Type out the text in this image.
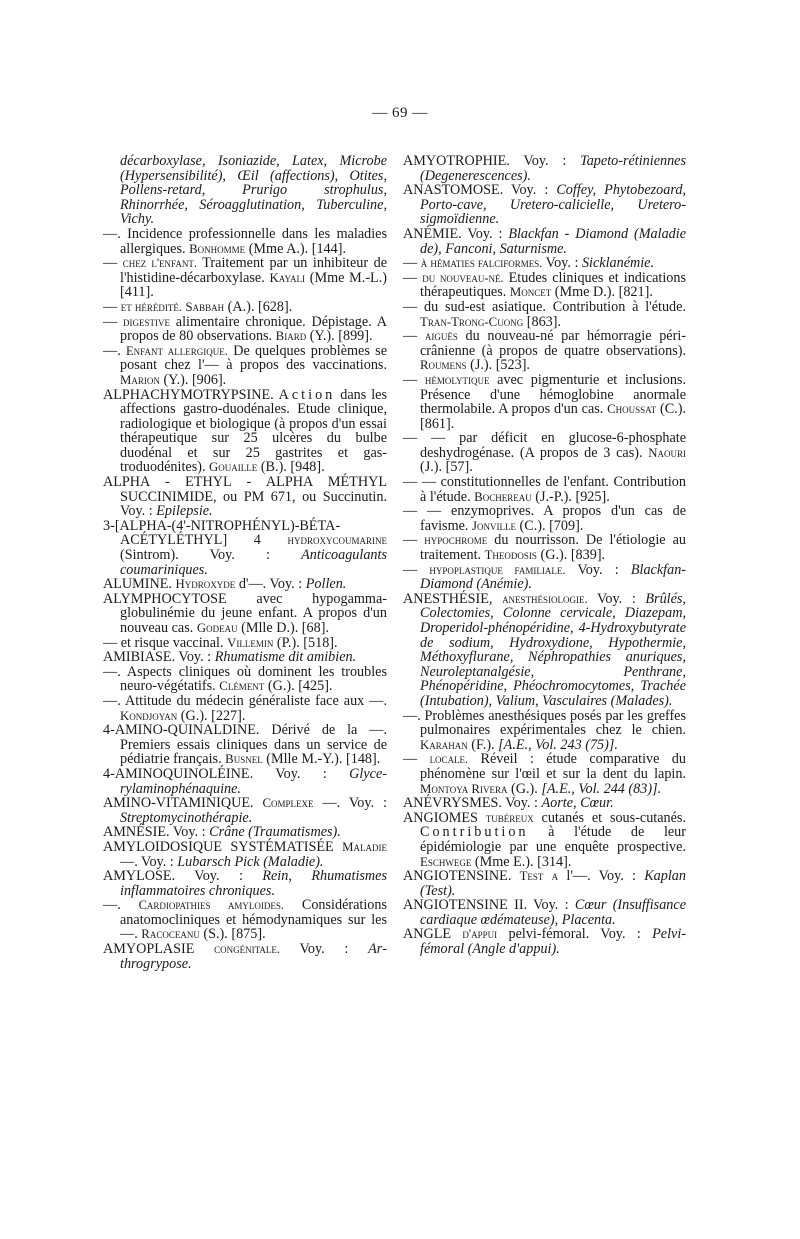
— 69 —

décarboxylase, Isoniazide, Latex, Microbe (Hypersensibilité), Œil (affections), Otites, Pollens-retard, Prurigo strophulus, Rhinorrhée, Séroagglutination, Tuberculine, Vichy.

—. Incidence professionnelle dans les maladies allergiques. Bonhomme (Mme A.). [144].

— chez l'enfant. Traitement par un inhibiteur de l'histidine-décarboxylase. Kayali (Mme M.-L.) [411].

— et hérédité. Sabbah (A.). [628].

— digestive alimentaire chronique. Dépistage. A propos de 80 observations. Biard (Y.). [899].

—. Enfant allergique. De quelques problèmes se posant chez l'— à propos des vaccinations. Marion (Y.). [906].

ALPHACHYMOTRYPSINE. Action dans les affections gastro-duodénales. Etude clinique, radiologique et biologique (à propos d'un essai thérapeutique sur 25 ulcères du bulbe duodénal et sur 25 gastrites et gastroduodénites). Gouaille (B.). [948].

ALPHA - ETHYL - ALPHA MÉTHYL SUCCINIMIDE, ou PM 671, ou Succinutin. Voy. : Epilepsie.

3-[ALPHA-(4'-NITROPHÉNYL)-BÉTA-ACÉTYLÉTHYL] 4 hydroxycoumarine (Sintrom). Voy. : Anticoagulants coumariniques.

ALUMINE. Hydroxyde d'—. Voy. : Pollen.

ALYMPHOCYTOSE avec hypogammaglobulinémie du jeune enfant. A propos d'un nouveau cas. Godeau (Mlle D.). [68].

— et risque vaccinal. Villemin (P.). [518].

AMIBIASE. Voy. : Rhumatisme dit amibien.

—. Aspects cliniques où dominent les troubles neuro-végétatifs. Clément (G.). [425].

—. Attitude du médecin généraliste face aux —. Kondjoyan (G.). [227].

4-AMINO-QUINALDINE. Dérivé de la —. Premiers essais cliniques dans un service de pédiatrie français. Busnel (Mlle M.-Y.). [148].

4-AMINOQUINOLÉINE. Voy. : Glycerylaminophénaquine.

AMINO-VITAMINIQUE. Complexe —. Voy. : Streptomycinothérapie.

AMNÉSIE. Voy. : Crâne (Traumatismes).

AMYLOIDOSIQUE SYSTÉMATISÉE Maladie —. Voy. : Lubarsch Pick (Maladie).

AMYLOSE. Voy. : Rein, Rhumatismes inflammatoires chroniques.

—. Cardiopathies amyloides. Considérations anatomocliniques et hémodynamiques sur les —. Racoceanu (S.). [875].

AMYOPLASIE congénitale. Voy. : Arthrogrypose.

AMYOTROPHIE. Voy. : Tapeto-rétiniennes (Degenerescences).

ANASTOMOSE. Voy. : Coffey, Phytobezoard, Porto-cave, Uretero-calicielle, Uretero-sigmoïdienne.

ANÉMIE. Voy. : Blackfan - Diamond (Maladie de), Fanconi, Saturnisme.

— à hématies falciformes. Voy. : Sicklanémie.

— du nouveau-né. Etudes cliniques et indications thérapeutiques. Moncet (Mme D.). [821].

— du sud-est asiatique. Contribution à l'étude. Tran-Trong-Cuong [863].

— aiguës du nouveau-né par hémorragie péri-crânienne (à propos de quatre observations). Roumens (J.). [523].

— hémolytique avec pigmenturie et inclusions. Présence d'une hémoglobine anormale thermolabile. A propos d'un cas. Choussat (C.). [861].

— — par déficit en glucose-6-phosphate deshydrogénase. (A propos de 3 cas). Naouri (J.). [57].

— — constitutionnelles de l'enfant. Contribution à l'étude. Bochereau (J.-P.). [925].

— — enzymoprives. A propos d'un cas de favisme. Jonville (C.). [709].

— hypochrome du nourrisson. De l'étiologie au traitement. Theodosis (G.). [839].

— hypoplastique familiale. Voy. : Blackfan-Diamond (Anémie).

ANESTHÉSIE, anesthésiologie. Voy. : Brûlés, Colectomies, Colonne cervicale, Diazepam, Droperidol-phénopéridine, 4-Hydroxybutyrate de sodium, Hydroxydione, Hypothermie, Méthoxyflurane, Néphropathies anuriques, Neuroleptanalgésie, Penthrane, Phénopéridine, Phéochromocytomes, Trachée (Intubation), Valium, Vasculaires (Malades).

—. Problèmes anesthésiques posés par les greffes pulmonaires expérimentales chez le chien. Karahan (F.). [A.E., Vol. 243 (75)].

— locale. Réveil : étude comparative du phénomène sur l'œil et sur la dent du lapin. Montoya Rivera (G.). [A.E., Vol. 244 (83)].

ANÉVRYSMES. Voy. : Aorte, Cœur.

ANGIOMES tubéreux cutanés et sous-cutanés. Contribution à l'étude de leur épidémiologie par une enquête prospective. Eschwege (Mme E.). [314].

ANGIOTENSINE. Test a l'—. Voy. : Kaplan (Test).

ANGIOTENSINE II. Voy. : Cœur (Insuffisance cardiaque œdémateuse), Placenta.

ANGLE d'appui pelvi-fémoral. Voy. : Pelvi-fémoral (Angle d'appui).
